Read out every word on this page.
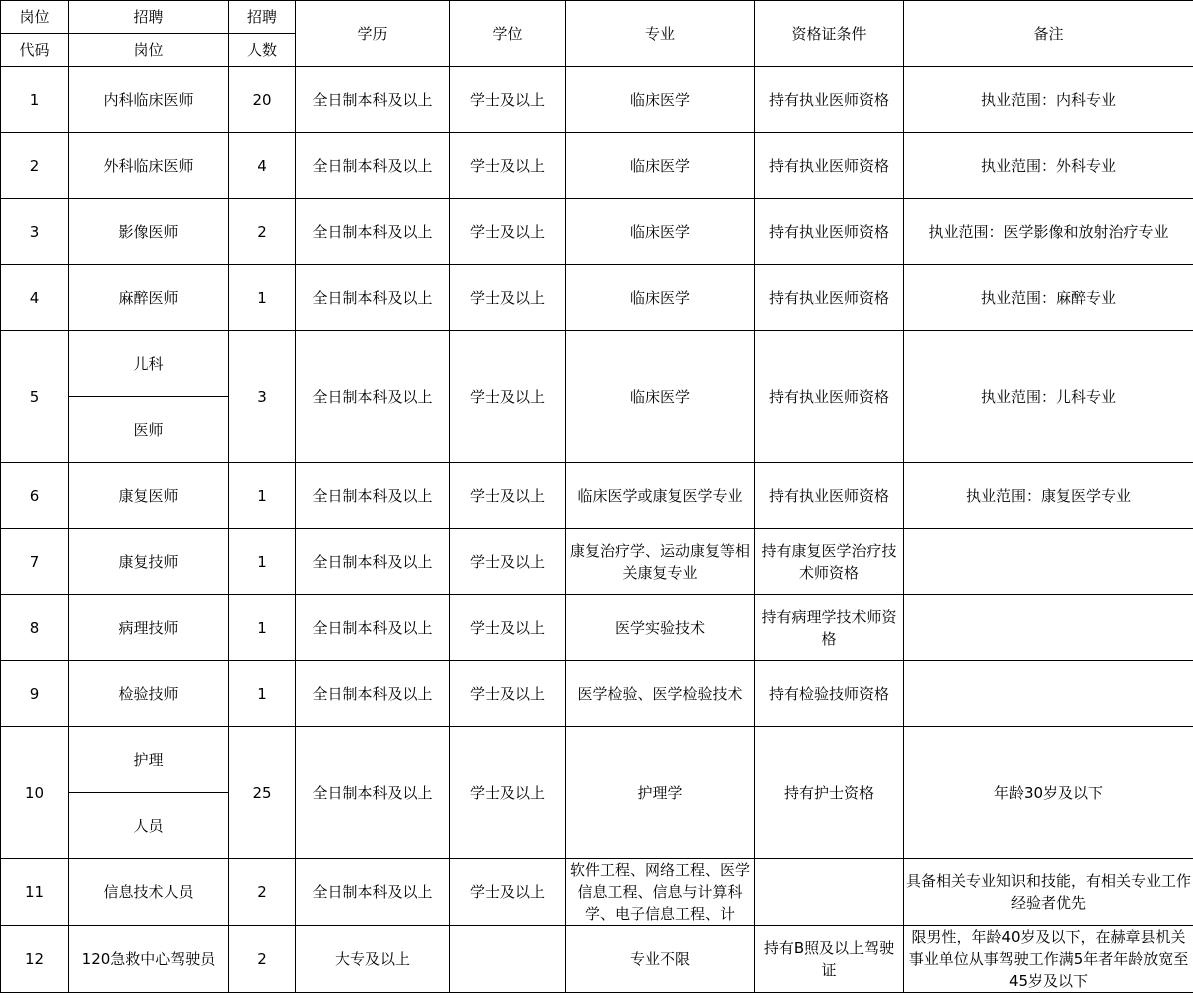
岗位	招聘	招聘	学历	学位	专业	资格证条件	备注
代码	岗位	人数					
1	内科临床医师	20	全日制本科及以上	学士及以上	临床医学	持有执业医师资格	执业范围：内科专业
2	外科临床医师	4	全日制本科及以上	学士及以上	临床医学	持有执业医师资格	执业范围：外科专业
3	影像医师	2	全日制本科及以上	学士及以上	临床医学	持有执业医师资格	执业范围：医学影像和放射治疗专业
4	麻醉医师	1	全日制本科及以上	学士及以上	临床医学	持有执业医师资格	执业范围：麻醉专业
5	儿科	3	全日制本科及以上	学士及以上	临床医学	持有执业医师资格	执业范围：儿科专业
	医师						
6	康复医师	1	全日制本科及以上	学士及以上	临床医学或康复医学专业	持有执业医师资格	执业范围：康复医学专业
7	康复技师	1	全日制本科及以上	学士及以上	康复治疗学、运动康复等相关康复专业	持有康复医学治疗技术师资格	
8	病理技师	1	全日制本科及以上	学士及以上	医学实验技术	持有病理学技术师资格	
9	检验技师	1	全日制本科及以上	学士及以上	医学检验、医学检验技术	持有检验技师资格	
10	护理	25	全日制本科及以上	学士及以上	护理学	持有护士资格	年龄30岁及以下
	人员						
11	信息技术人员	2	全日制本科及以上	学士及以上	软件工程、网络工程、医学信息工程、信息与计算科学、电子信息工程、计		具备相关专业知识和技能，有相关专业工作经验者优先
12	120急救中心驾驶员	2	大专及以上		专业不限	持有B照及以上驾驶证	限男性，年龄40岁及以下，在赫章县机关事业单位从事驾驶工作满5年者年龄放宽至45岁及以下
